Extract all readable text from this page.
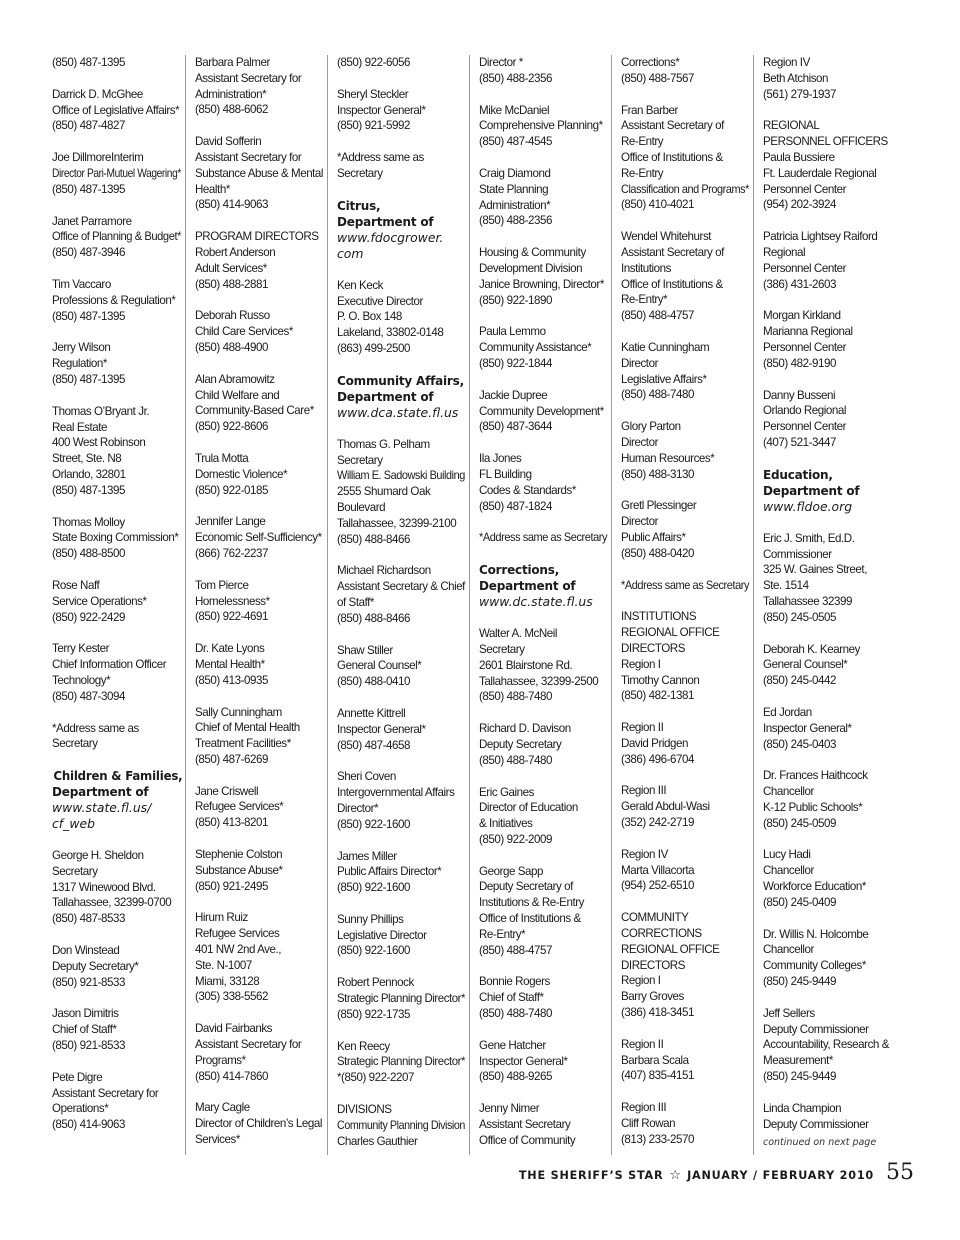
(850) 487-1395
Darrick D. McGhee
Office of Legislative Affairs*
(850) 487-4827
Joe DillmoreInterim
Director Pari-Mutuel Wagering*
(850) 487-1395
Janet Parramore
Office of Planning & Budget*
(850) 487-3946
Tim Vaccaro
Professions & Regulation*
(850) 487-1395
Jerry Wilson
Regulation*
(850) 487-1395
Thomas O’Bryant Jr.
Real Estate
400 West Robinson
Street, Ste. N8
Orlando, 32801
(850) 487-1395
Thomas Molloy
State Boxing Commission*
(850) 488-8500
Rose Naff
Service Operations*
(850) 922-2429
Terry Kester
Chief Information Officer
Technology*
(850) 487-3094
*Address same as
Secretary
Children & Families,
Department of
www.state.fl.us/
cf_web
George H. Sheldon
Secretary
1317 Winewood Blvd.
Tallahassee, 32399-0700
(850) 487-8533
Don Winstead
Deputy Secretary*
(850) 921-8533
Jason Dimitris
Chief of Staff*
(850) 921-8533
Pete Digre
Assistant Secretary for
Operations*
(850) 414-9063
Barbara Palmer
Assistant Secretary for
Administration*
(850) 488-6062
David Sofferin
Assistant Secretary for
Substance Abuse & Mental
Health*
(850) 414-9063
PROGRAM DIRECTORS
Robert Anderson
Adult Services*
(850) 488-2881
Deborah Russo
Child Care Services*
(850) 488-4900
Alan Abramowitz
Child Welfare and
Community-Based Care*
(850) 922-8606
Trula Motta
Domestic Violence*
(850) 922-0185
Jennifer Lange
Economic Self-Sufficiency*
(866) 762-2237
Tom Pierce
Homelessness*
(850) 922-4691
Dr. Kate Lyons
Mental Health*
(850) 413-0935
Sally Cunningham
Chief of Mental Health
Treatment Facilities*
(850) 487-6269
Jane Criswell
Refugee Services*
(850) 413-8201
Stephenie Colston
Substance Abuse*
(850) 921-2495
Hirum Ruiz
Refugee Services
401 NW 2nd Ave.,
Ste. N-1007
Miami, 33128
(305) 338-5562
David Fairbanks
Assistant Secretary for
Programs*
(850) 414-7860
Mary Cagle
Director of Children’s Legal
Services*
(850) 922-6056
Sheryl Steckler
Inspector General*
(850) 921-5992
*Address same as
Secretary
Citrus,
Department of
www.fdocgrower.
com
Ken Keck
Executive Director
P. O. Box 148
Lakeland, 33802-0148
(863) 499-2500
Community Affairs,
Department of
www.dca.state.fl.us
Thomas G. Pelham
Secretary
William E. Sadowski Building
2555 Shumard Oak
Boulevard
Tallahassee, 32399-2100
(850) 488-8466
Michael Richardson
Assistant Secretary & Chief
of Staff*
(850) 488-8466
Shaw Stiller
General Counsel*
(850) 488-0410
Annette Kittrell
Inspector General*
(850) 487-4658
Sheri Coven
Intergovernmental Affairs
Director*
(850) 922-1600
James Miller
Public Affairs Director*
(850) 922-1600
Sunny Phillips
Legislative Director
(850) 922-1600
Robert Pennock
Strategic Planning Director*
(850) 922-1735
Ken Reecy
Strategic Planning Director*
*(850) 922-2207
DIVISIONS
Community Planning Division
Charles Gauthier
Director *
(850) 488-2356
Mike McDaniel
Comprehensive Planning*
(850) 487-4545
Craig Diamond
State Planning
Administration*
(850) 488-2356
Housing & Community
Development Division
Janice Browning, Director*
(850) 922-1890
Paula Lemmo
Community Assistance*
(850) 922-1844
Jackie Dupree
Community Development*
(850) 487-3644
Ila Jones
FL Building
Codes & Standards*
(850) 487-1824
*Address same as Secretary
Corrections,
Department of
www.dc.state.fl.us
Walter A. McNeil
Secretary
2601 Blairstone Rd.
Tallahassee, 32399-2500
(850) 488-7480
Richard D. Davison
Deputy Secretary
(850) 488-7480
Eric Gaines
Director of Education
& Initiatives
(850) 922-2009
George Sapp
Deputy Secretary of
Institutions & Re-Entry
Office of Institutions &
Re-Entry*
(850) 488-4757
Bonnie Rogers
Chief of Staff*
(850) 488-7480
Gene Hatcher
Inspector General*
(850) 488-9265
Jenny Nimer
Assistant Secretary
Office of Community
Corrections*
(850) 488-7567
Fran Barber
Assistant Secretary of
Re-Entry
Office of Institutions &
Re-Entry
Classification and Programs*
(850) 410-4021
Wendel Whitehurst
Assistant Secretary of
Institutions
Office of Institutions &
Re-Entry*
(850) 488-4757
Katie Cunningham
Director
Legislative Affairs*
(850) 488-7480
Glory Parton
Director
Human Resources*
(850) 488-3130
Gretl Plessinger
Director
Public Affairs*
(850) 488-0420
*Address same as Secretary
INSTITUTIONS
REGIONAL OFFICE
DIRECTORS
Region I
Timothy Cannon
(850) 482-1381
Region II
David Pridgen
(386) 496-6704
Region III
Gerald Abdul-Wasi
(352) 242-2719
Region IV
Marta Villacorta
(954) 252-6510
COMMUNITY
CORRECTIONS
REGIONAL OFFICE
DIRECTORS
Region I
Barry Groves
(386) 418-3451
Region II
Barbara Scala
(407) 835-4151
Region III
Cliff Rowan
(813) 233-2570
Region IV
Beth Atchison
(561) 279-1937
REGIONAL
PERSONNEL OFFICERS
Paula Bussiere
Ft. Lauderdale Regional
Personnel Center
(954) 202-3924
Patricia Lightsey Raiford
Regional
Personnel Center
(386) 431-2603
Morgan Kirkland
Marianna Regional
Personnel Center
(850) 482-9190
Danny Busseni
Orlando Regional
Personnel Center
(407) 521-3447
Education,
Department of
www.fldoe.org
Eric J. Smith, Ed.D.
Commissioner
325 W. Gaines Street,
Ste. 1514
Tallahassee 32399
(850) 245-0505
Deborah K. Kearney
General Counsel*
(850) 245-0442
Ed Jordan
Inspector General*
(850) 245-0403
Dr. Frances Haithcock
Chancellor
K-12 Public Schools*
(850) 245-0509
Lucy Hadi
Chancellor
Workforce Education*
(850) 245-0409
Dr. Willis N. Holcombe
Chancellor
Community Colleges*
(850) 245-9449
Jeff Sellers
Deputy Commissioner
Accountability, Research &
Measurement*
(850) 245-9449
Linda Champion
Deputy Commissioner
continued on next page
THE SHERIFF’S STAR ☆ JANUARY / FEBRUARY 2010 55
